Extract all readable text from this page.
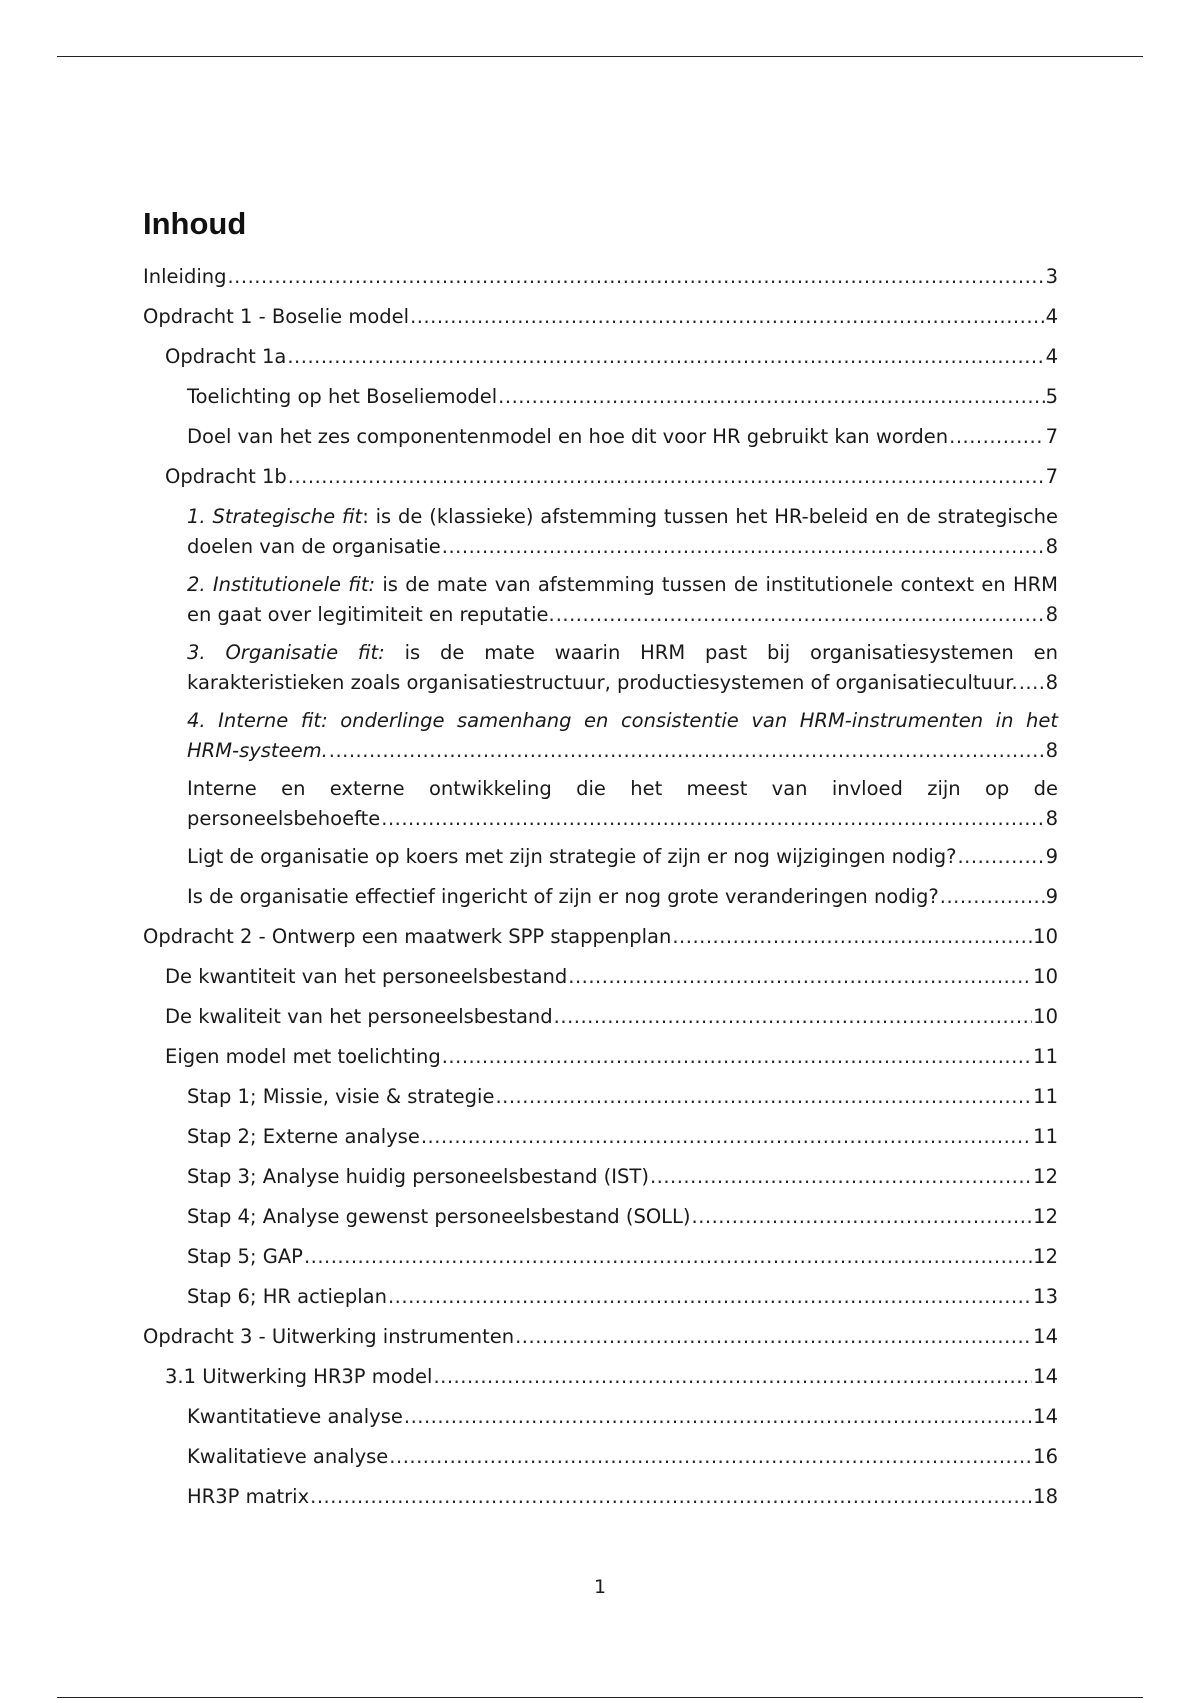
Inhoud
Inleiding .....	3
Opdracht 1 - Boselie model .....	4
Opdracht 1a .....	4
Toelichting op het Boseliemodel .....	5
Doel van het zes componentenmodel en hoe dit voor HR gebruikt kan worden .....	7
Opdracht 1b .....	7
1. Strategische fit: is de (klassieke) afstemming tussen het HR-beleid en de strategische
doelen van de organisatie .....	8
2. Institutionele fit: is de mate van afstemming tussen de institutionele context en HRM
en gaat over legitimiteit en reputatie. .....	8
3. Organisatie fit: is de mate waarin HRM past bij organisatiesystemen en
karakteristieken zoals organisatiestructuur, productiesystemen of organisatiecultuur. ..... 8
4. Interne fit: onderlinge samenhang en consistentie van HRM-instrumenten in het
HRM-systeem. .....	8
Interne en externe ontwikkeling die het meest van invloed zijn op de
personeelsbehoefte .....	8
Ligt de organisatie op koers met zijn strategie of zijn er nog wijzigingen nodig? .....	9
Is de organisatie effectief ingericht of zijn er nog grote veranderingen nodig? .....	9
Opdracht 2 - Ontwerp een maatwerk SPP stappenplan .....	10
De kwantiteit van het personeelsbestand .....	10
De kwaliteit van het personeelsbestand .....	10
Eigen model met toelichting .....	11
Stap 1; Missie, visie & strategie .....	11
Stap 2; Externe analyse .....	11
Stap 3; Analyse huidig personeelsbestand (IST) .....	12
Stap 4; Analyse gewenst personeelsbestand (SOLL) .....	12
Stap 5; GAP .....	12
Stap 6; HR actieplan .....	13
Opdracht 3 - Uitwerking instrumenten .....	14
3.1 Uitwerking HR3P model .....	14
Kwantitatieve analyse .....	14
Kwalitatieve analyse .....	16
HR3P matrix .....	18
1
